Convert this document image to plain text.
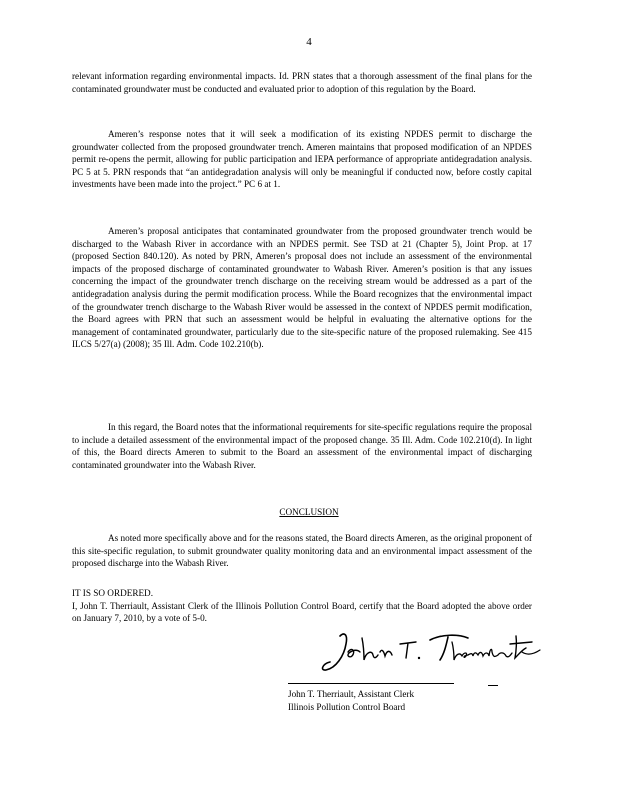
4

relevant information regarding environmental impacts. Id. PRN states that a thorough assessment of the final plans for the contaminated groundwater must be conducted and evaluated prior to adoption of this regulation by the Board.

Ameren’s response notes that it will seek a modification of its existing NPDES permit to discharge the groundwater collected from the proposed groundwater trench. Ameren maintains that proposed modification of an NPDES permit re-opens the permit, allowing for public participation and IEPA performance of appropriate antidegradation analysis. PC 5 at 5. PRN responds that “an antidegradation analysis will only be meaningful if conducted now, before costly capital investments have been made into the project.” PC 6 at 1.

Ameren’s proposal anticipates that contaminated groundwater from the proposed groundwater trench would be discharged to the Wabash River in accordance with an NPDES permit. See TSD at 21 (Chapter 5), Joint Prop. at 17 (proposed Section 840.120). As noted by PRN, Ameren’s proposal does not include an assessment of the environmental impacts of the proposed discharge of contaminated groundwater to Wabash River. Ameren’s position is that any issues concerning the impact of the groundwater trench discharge on the receiving stream would be addressed as a part of the antidegradation analysis during the permit modification process. While the Board recognizes that the environmental impact of the groundwater trench discharge to the Wabash River would be assessed in the context of NPDES permit modification, the Board agrees with PRN that such an assessment would be helpful in evaluating the alternative options for the management of contaminated groundwater, particularly due to the site-specific nature of the proposed rulemaking. See 415 ILCS 5/27(a) (2008); 35 Ill. Adm. Code 102.210(b).

In this regard, the Board notes that the informational requirements for site-specific regulations require the proposal to include a detailed assessment of the environmental impact of the proposed change. 35 Ill. Adm. Code 102.210(d). In light of this, the Board directs Ameren to submit to the Board an assessment of the environmental impact of discharging contaminated groundwater into the Wabash River.

CONCLUSION

As noted more specifically above and for the reasons stated, the Board directs Ameren, as the original proponent of this site-specific regulation, to submit groundwater quality monitoring data and an environmental impact assessment of the proposed discharge into the Wabash River.

IT IS SO ORDERED.

I, John T. Therriault, Assistant Clerk of the Illinois Pollution Control Board, certify that the Board adopted the above order on January 7, 2010, by a vote of 5-0.

John T. Therriault, Assistant Clerk
Illinois Pollution Control Board
